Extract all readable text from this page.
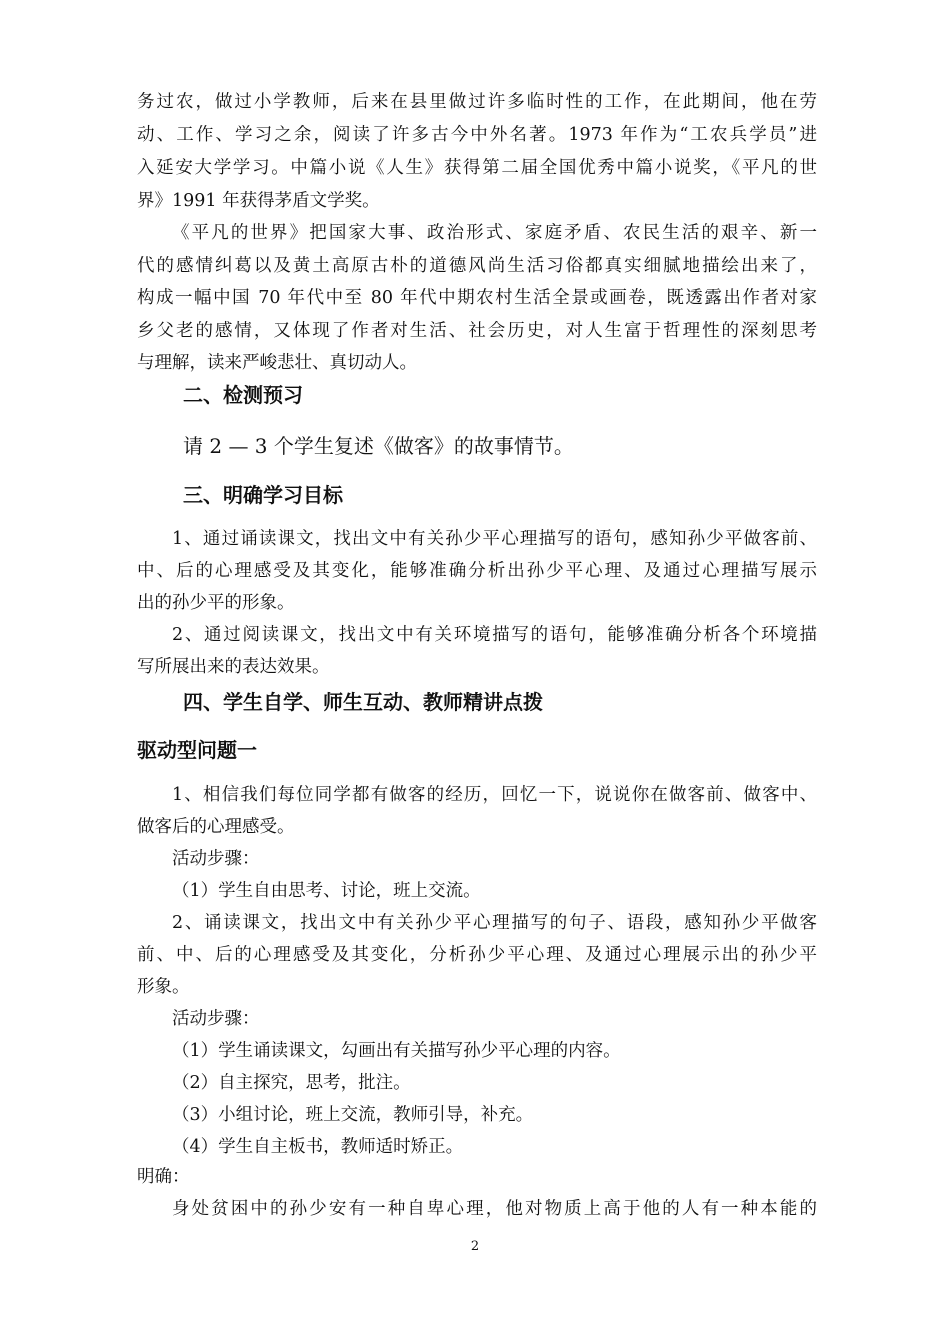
务过农，做过小学教师，后来在县里做过许多临时性的工作，在此期间，他在劳
动、工作、学习之余，阅读了许多古今中外名著。1973 年作为“工农兵学员”进
入延安大学学习。中篇小说《人生》获得第二届全国优秀中篇小说奖，《平凡的世
界》1991 年获得茅盾文学奖。
《平凡的世界》把国家大事、政治形式、家庭矛盾、农民生活的艰辛、新一
代的感情纠葛以及黄土高原古朴的道德风尚生活习俗都真实细腻地描绘出来了，
构成一幅中国 70 年代中至 80 年代中期农村生活全景或画卷，既透露出作者对家
乡父老的感情，又体现了作者对生活、社会历史，对人生富于哲理性的深刻思考
与理解，读来严峻悲壮、真切动人。
二、检测预习
请 2 — 3 个学生复述《做客》的故事情节。
三、明确学习目标
1、通过诵读课文，找出文中有关孙少平心理描写的语句，感知孙少平做客前、
中、后的心理感受及其变化，能够准确分析出孙少平心理、及通过心理描写展示
出的孙少平的形象。
2、通过阅读课文，找出文中有关环境描写的语句，能够准确分析各个环境描
写所展出来的表达效果。
四、学生自学、师生互动、教师精讲点拨
驱动型问题一
1、相信我们每位同学都有做客的经历，回忆一下，说说你在做客前、做客中、
做客后的心理感受。
活动步骤：
（1）学生自由思考、讨论，班上交流。
2、诵读课文，找出文中有关孙少平心理描写的句子、语段，感知孙少平做客
前、中、后的心理感受及其变化，分析孙少平心理、及通过心理展示出的孙少平
形象。
活动步骤：
（1）学生诵读课文，勾画出有关描写孙少平心理的内容。
（2）自主探究，思考，批注。
（3）小组讨论，班上交流，教师引导，补充。
（4）学生自主板书，教师适时矫正。
明确：
身处贫困中的孙少安有一种自卑心理，他对物质上高于他的人有一种本能的
2
